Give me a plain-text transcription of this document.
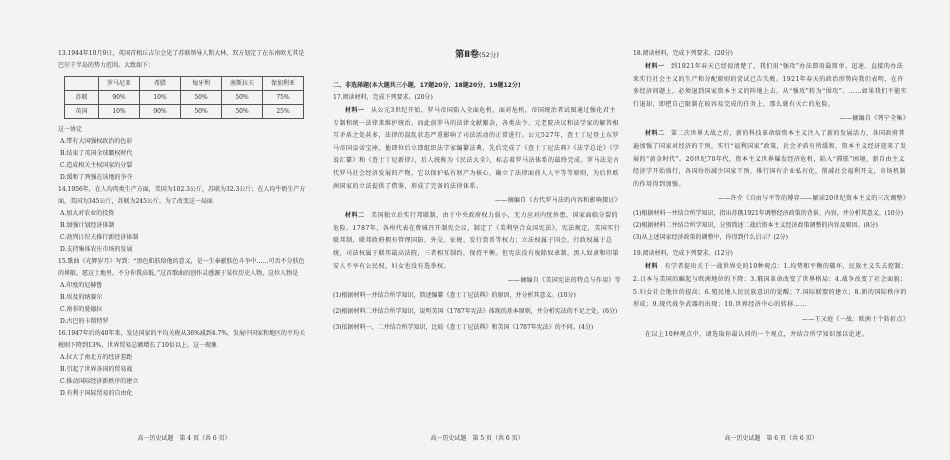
13.1944年10月9日，英国首相丘吉尔会见了苏联领导人斯大林，双方划定了在东南欧尤其是巴尔干半岛的势力范围。大致如下：
	罗马尼亚	希腊	匈牙利	南斯拉夫	保加利亚
苏联	90%	10%	50%	50%	75%
英国	10%	90%	50%	50%	25%
这一协定
A.带有大国强权政治的色彩
B.结束了英国全球霸权时代
C.造成相关主权国家的分裂
D.缓和了列强在该地的争夺
14.1956年，在人均肉类生产方面，美国为102.3公斤，苏联为32.3公斤；在人均牛奶生产方面，美国为345公斤，苏联为245公斤。为了改变这一局面
A.加大对农业的投资
B.加强计划经济体制
C.勃列日涅夫推行新经济体制
D.支持集体农庄市场的发展
15.歌曲《光辉岁月》写到：“黑色肌肤给他的意义，是一生奉献肤色斗争中……可否不分肤色的界限，愿这土地里，不分你我高低。”这首歌曲的创作灵感源于某位历史人物，这位人物是
A.印度的尼赫鲁
B.埃及的纳赛尔
C.南非的曼德拉
D.古巴的卡斯特罗
16.1947年后的40年来，发达国家的平均关税从36%减到4.7%，发展中国家和地区的平均关税则下降到13%，世界贸易总额增长了10倍以上。这一现象
A.拉大了南北方的经济差距
B.引起了世界各国的贸易战
C.推动国际经济新秩序的建立
D.有利于国际贸易的自由化
高一历史试题　第 4 页（共 6 页）
第Ⅱ卷(52分)
二、非选择题(本大题共三小题，17题20分，18题20分，19题12分)
17.阅读材料，完成下列要求。(20分)
材料一　 从公元3世纪开始，罗马帝国陷入全面危机，面对危机，帝国统治者试图通过强化君主专制和统一法律来维护统治。而此前罗马的法律文献繁杂，各类法令、元老院决议和法学家的解答相互矛盾之处甚多，法律的混乱状态严重影响了司法活动的正常进行。公元527年，查士丁尼登上东罗马帝国皇帝宝座，他即位后立即组织法学家编纂法典，先后完成了《查士丁尼法典》《法学总论》《学说汇纂》和《查士丁尼新律》，后人统称为《民法大全》，标志着罗马法体系的最终完成。罗马法是古代罗马社会经济发展的产物，它以保护私有财产为核心，确立了法律面前人人平等等原则，为后世欧洲国家的立法提供了借鉴，形成了完备的法律体系。
——摘编自《古代罗马法的内容和影响探讨》
材料二　 美国独立后实行邦联制，由于中央政府权力弱小，无力应对内忧外患，国家面临分裂的危险。1787年，各州代表在费城召开制宪会议，制定了《美利坚合众国宪法》。宪法规定，美国实行联邦制，联邦政府拥有管理国防、外交、征税、发行货币等权力；立法权属于国会，行政权属于总统，司法权属于联邦最高法院，三者相互制约，保持平衡。但宪法没有废除奴隶制，黑人奴隶和印第安人不享有公民权，妇女也没有选举权。
——摘编自《美国宪法的特点与作用》等
(1)根据材料一并结合所学知识，简述编纂《查士丁尼法典》的原因，并分析其意义。(10分)
(2)根据材料二并结合所学知识，说明美国《1787年宪法》体现的基本原则，并分析宪法的不足之处。(6分)
(3)依据材料一、二并结合所学知识，比较《查士丁尼法典》和美国《1787年宪法》的不同。(4分)
高一历史试题　第 5 页（共 6 页）
18.阅读材料，完成下列要求。(20分)
材料一　 到1921年春天已经很清楚了，我们用“强攻”办法即用最简单、迅速、直接的办法来实行社会主义的生产和分配原则的尝试已告失败。1921年春天的政治形势向我们表明，在许多经济问题上，必须退到国家资本主义的阵地上去，从“强攻”转为“围攻”。……如果我们不能实行退却，即把自己限制在较容易完成的任务上，那么就有灭亡的危险。
——摘编自《列宁全集》
材料二　 第二次世界大战之后，新的科技革命给资本主义注入了新的发展活力，各国政府普遍加强了国家对经济的干预，实行“福利国家”政策，社会矛盾有所缓和，资本主义经济迎来了发展的“黄金时代”。20世纪70年代，资本主义世界爆发经济危机，陷入“滞胀”困境，新自由主义经济学开始盛行，各国纷纷减少国家干预，推行国有企业私有化，削减社会福利开支，市场机制的作用得到加强。
——许介《自由与平等的博弈——解读20世纪资本主义的三次调整》
(1)根据材料一并结合所学知识，指出苏俄1921年调整经济政策的背景、内容，并分析其意义。(10分)
(2)根据材料二并结合所学知识，分别简述二战后资本主义经济政策调整的内容及原因。(8分)
(3)从上述国家经济政策的调整中，你得到什么启示？(2分)
19.阅读材料，完成下列要求。(12分)
材料　 有学者提出关于一战世界史的10种观点：1.均势和平衡的破坏，民族主义失去控制；2.日本与美国的崛起与欧洲地位的下降；3.俄国革命改变了世界格局；4.战争改变了社会面貌；5.妇女社会地位的提高；6.殖民地人民民族意识的觉醒；7.国际联盟的建立；8.新的国际秩序的形成；9.现代战争武器的出现；10.世界经济中心的转移……
——王又庭《一战：欧洲十个转折点》
在以上10种观点中，请选取你最认同的一个观点，并结合所学知识加以论述。
高一历史试题　第 6 页（共 6 页）
